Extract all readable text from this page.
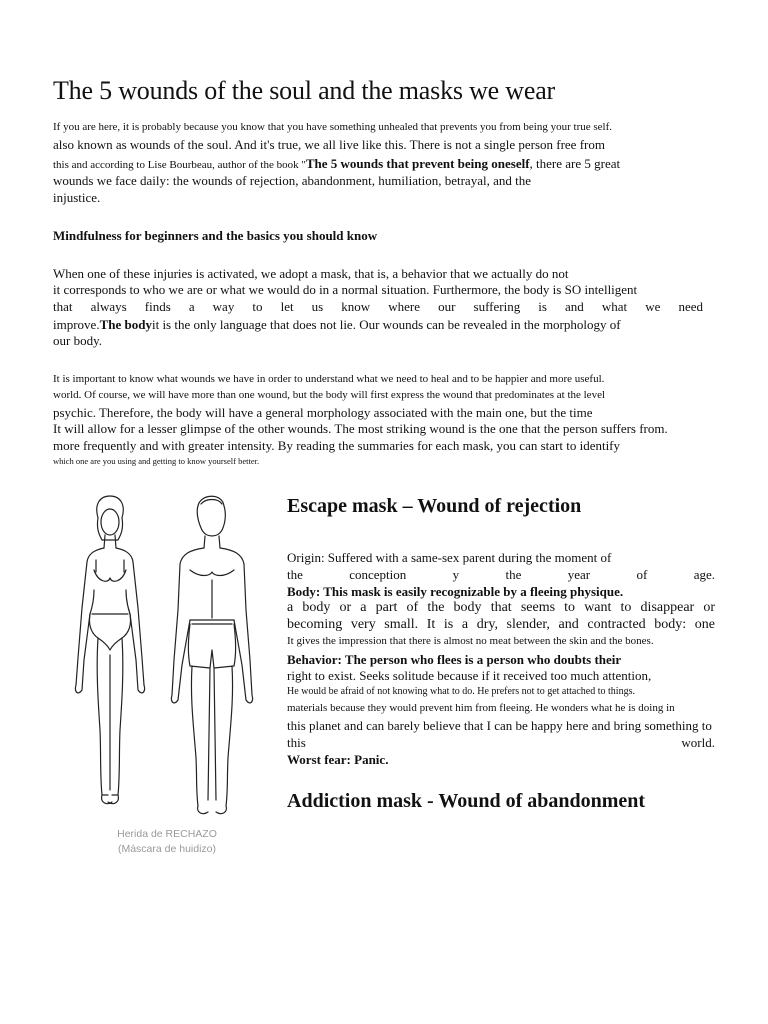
The 5 wounds of the soul and the masks we wear
If you are here, it is probably because you know that you have something unhealed that prevents you from being your true self.
also known as wounds of the soul. And it's true, we all live like this. There is not a single person free from
this and according to Lise Bourbeau, author of the book "The 5 wounds that prevent being oneself, there are 5 great
wounds we face daily: the wounds of rejection, abandonment, humiliation, betrayal, and the
injustice.
Mindfulness for beginners and the basics you should know
When one of these injuries is activated, we adopt a mask, that is, a behavior that we actually do not
it corresponds to who we are or what we would do in a normal situation. Furthermore, the body is SO intelligent
that always finds a way to let us know where our suffering is and what we need
improve.The bodyit is the only language that does not lie. Our wounds can be revealed in the morphology of
our body.
It is important to know what wounds we have in order to understand what we need to heal and to be happier and more useful.
world. Of course, we will have more than one wound, but the body will first express the wound that predominates at the level
psychic. Therefore, the body will have a general morphology associated with the main one, but the time
It will allow for a lesser glimpse of the other wounds. The most striking wound is the one that the person suffers from.
more frequently and with greater intensity. By reading the summaries for each mask, you can start to identify
which one are you using and getting to know yourself better.
Herida de RECHAZO
(Máscara de huidizo)
Escape mask – Wound of rejection
Origin: Suffered with a same-sex parent during the moment of
the	conception	y	the	year	of	age.
Body: This mask is easily recognizable by a fleeing physique.
a body or a part of the body that seems to want to disappear or
becoming very small. It is a dry, slender, and contracted body: one
It gives the impression that there is almost no meat between the skin and the bones.
Behavior: The person who flees is a person who doubts their
right to exist. Seeks solitude because if it received too much attention,
He would be afraid of not knowing what to do. He prefers not to get attached to things.
materials because they would prevent him from fleeing. He wonders what he is doing in
this planet and can barely believe that I can be happy here and bring something to
this	world.
Worst fear: Panic.
Addiction mask - Wound of abandonment
